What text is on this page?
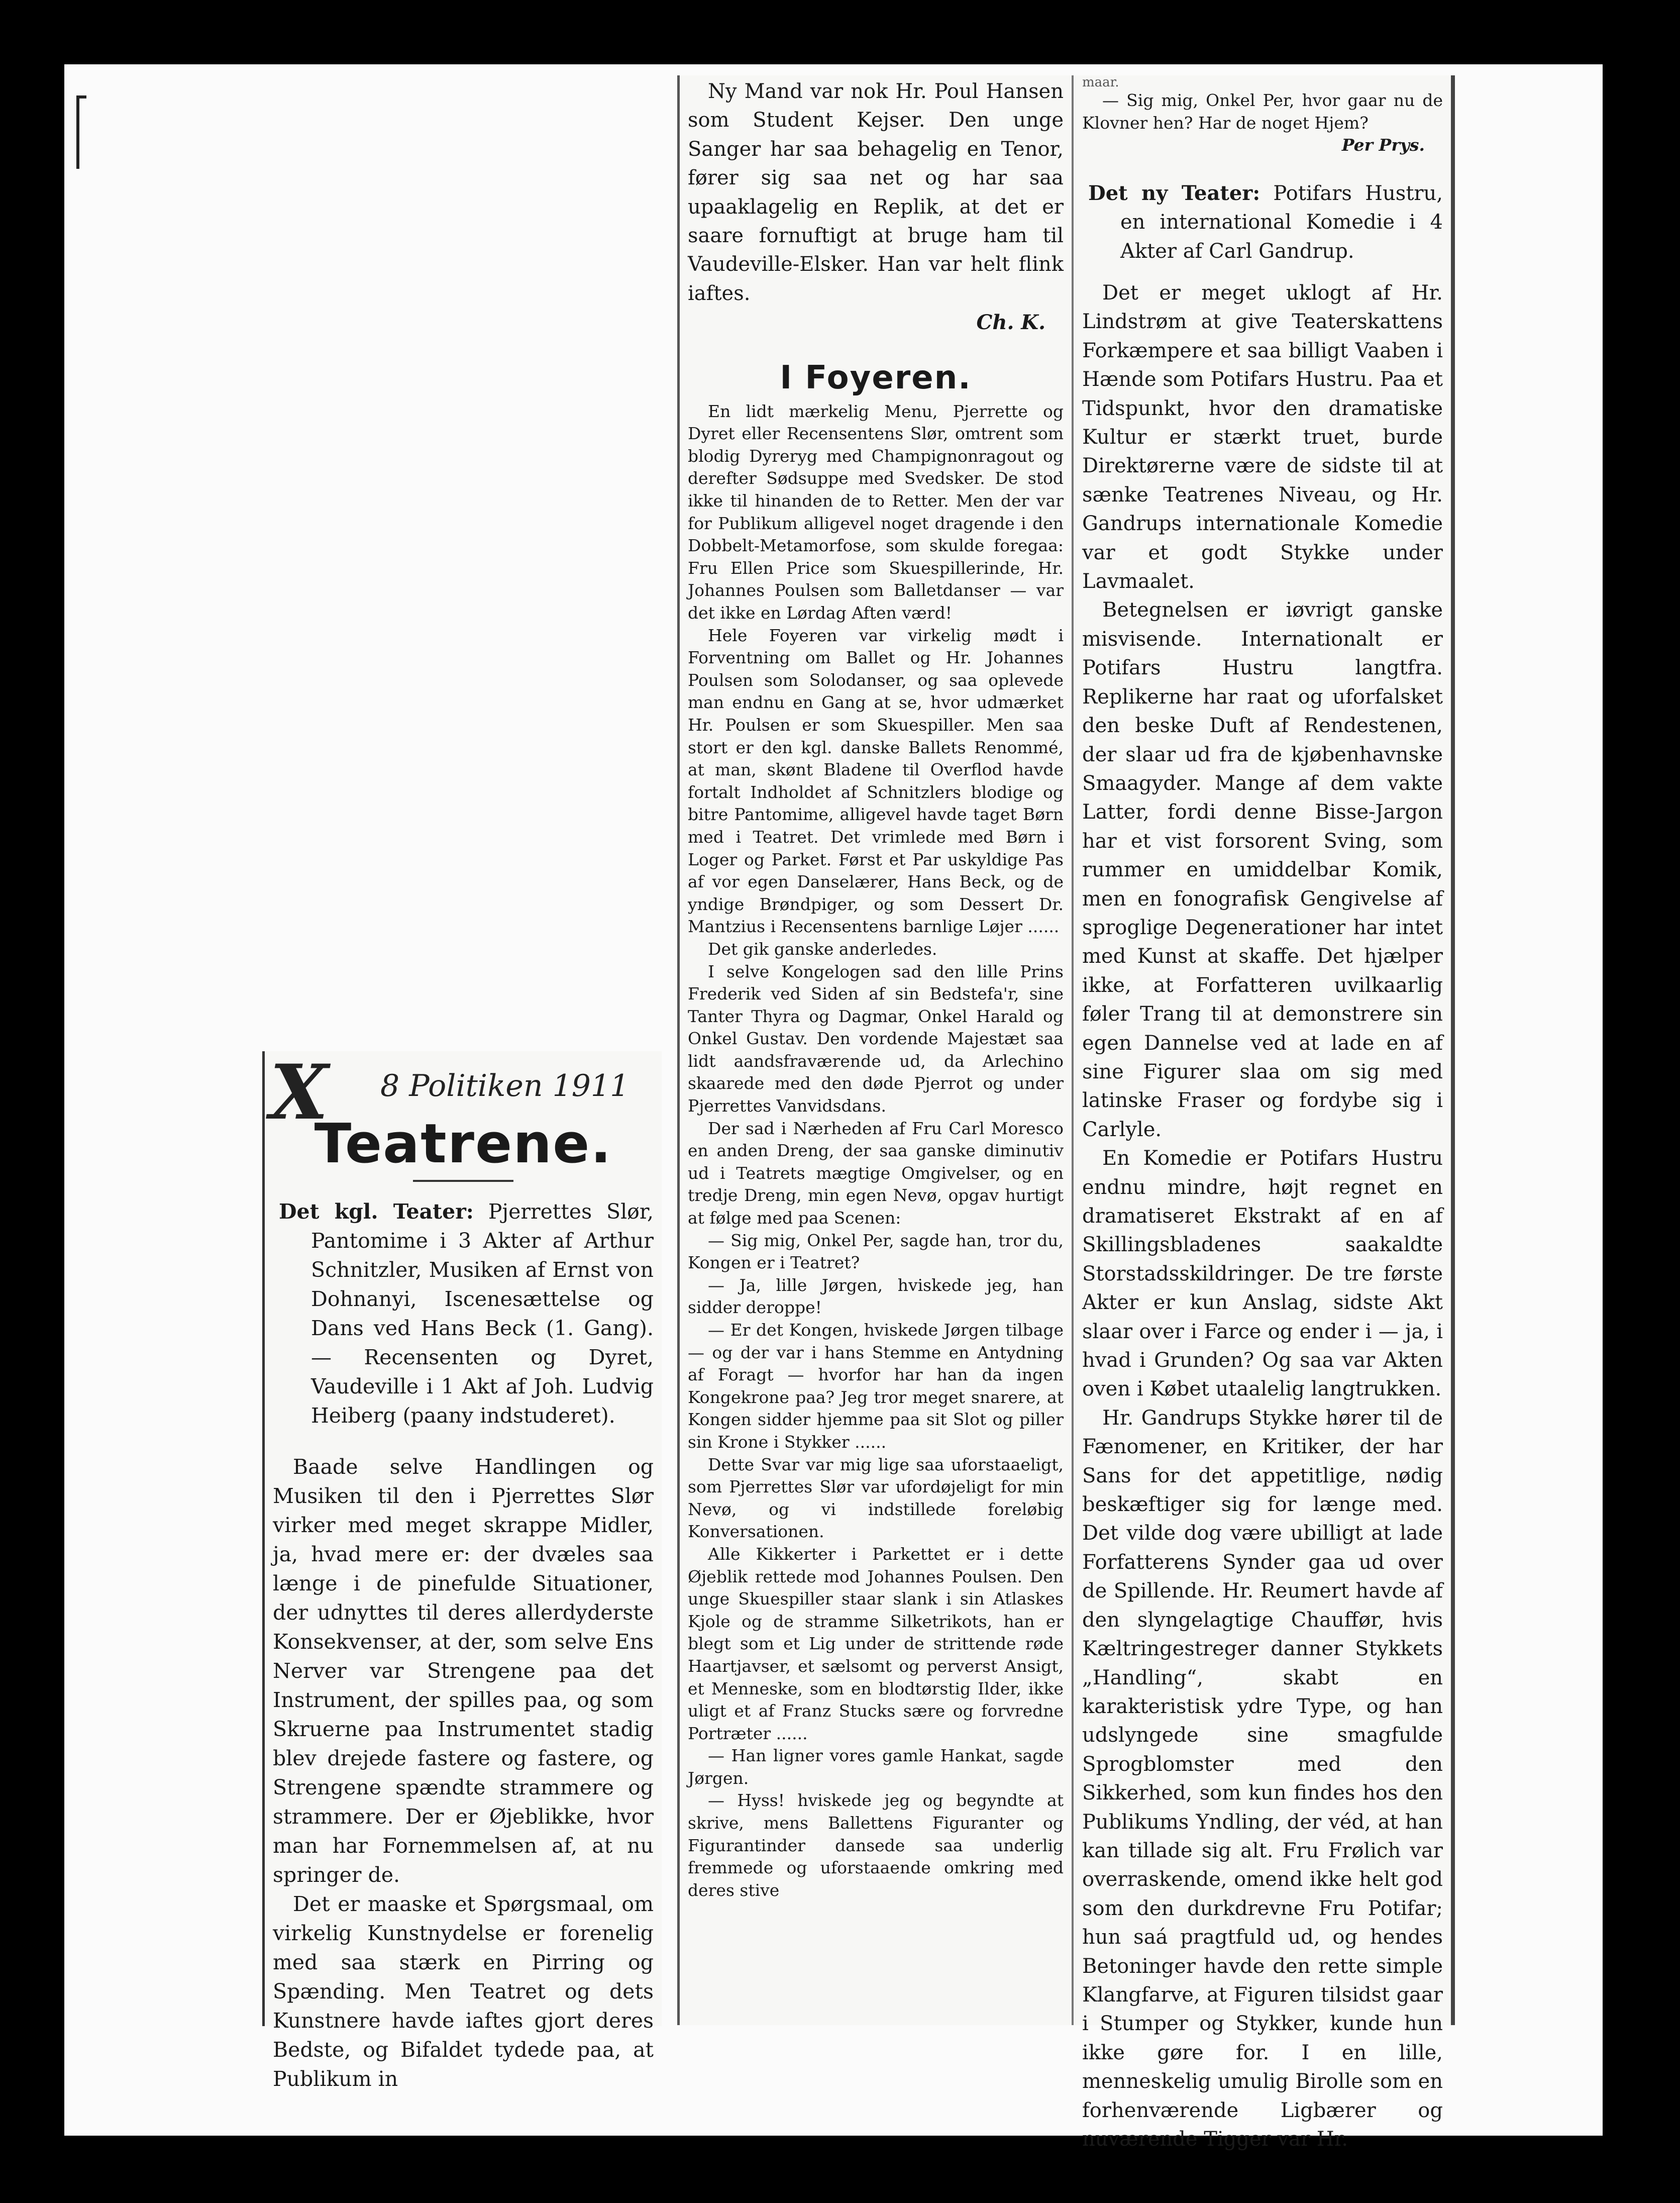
X 8 Politiken 1911

Teatrene.

Det kgl. Teater: Pjerrettes Slør, Pantomime i 3 Akter af Arthur Schnitzler, Musiken af Ernst von Dohnanyi, Iscenesættelse og Dans ved Hans Beck (1. Gang). — Recensenten og Dyret, Vaudeville i 1 Akt af Joh. Ludvig Heiberg (paany indstuderet).

Baade selve Handlingen og Musiken til den i Pjerrettes Slør virker med meget skrappe Midler, ja, hvad mere er: der dvæles saa længe i de pinefulde Situationer, der udnyttes til deres allerdyderste Konsekvenser, at der, som selve Ens Nerver var Strengene paa det Instrument, der spilles paa, og som Skruerne paa Instrumentet stadig blev drejede fastere og fastere, og Strengene spændte strammere og strammere. Der er Øjeblikke, hvor man har Fornemmelsen af, at nu springer de.

Det er maaske et Spørgsmaal, om virkelig Kunstnydelse er forenelig med saa stærk en Pirring og Spænding. Men Teatret og dets Kunstnere havde iaftes gjort deres Bedste, og Bifaldet tydede paa, at Publikum in

Ny Mand var nok Hr. Poul Hansen som Student Kejser. Den unge Sanger har saa behagelig en Tenor, fører sig saa net og har saa upaaklagelig en Replik, at det er saare fornuftigt at bruge ham til Vaudeville-Elsker. Han var helt flink iaftes.

Ch. K.

I Foyeren.

En lidt mærkelig Menu, Pjerrette og Dyret eller Recensentens Slør, omtrent som blodig Dyreryg med Champignonragout og derefter Sødsuppe med Svedsker. De stod ikke til hinanden de to Retter. Men der var for Publikum alligevel noget dragende i den Dobbelt-Metamorfose, som skulde foregaa: Fru Ellen Price som Skuespillerinde, Hr. Johannes Poulsen som Balletdanser — var det ikke en Lørdag Aften værd!

Hele Foyeren var virkelig mødt i Forventning om Ballet og Hr. Johannes Poulsen som Solodanser, og saa oplevede man endnu en Gang at se, hvor udmærket Hr. Poulsen er som Skuespiller. Men saa stort er den kgl. danske Ballets Renommé, at man, skønt Bladene til Overflod havde fortalt Indholdet af Schnitzlers blodige og bitre Pantomime, alligevel havde taget Børn med i Teatret. Det vrimlede med Børn i Loger og Parket. Først et Par uskyldige Pas af vor egen Danselærer, Hans Beck, og de yndige Brøndpiger, og som Dessert Dr. Mantzius i Recensentens barnlige Løjer ......

Det gik ganske anderledes.

I selve Kongelogen sad den lille Prins Frederik ved Siden af sin Bedstefa'r, sine Tanter Thyra og Dagmar, Onkel Harald og Onkel Gustav. Den vordende Majestæt saa lidt aandsfraværende ud, da Arlechino skaarede med den døde Pjerrot og under Pjerrettes Vanvidsdans.

Der sad i Nærheden af Fru Carl Moresco en anden Dreng, der saa ganske diminutiv ud i Teatrets mægtige Omgivelser, og en tredje Dreng, min egen Nevø, opgav hurtigt at følge med paa Scenen:

— Sig mig, Onkel Per, sagde han, tror du, Kongen er i Teatret?

— Ja, lille Jørgen, hviskede jeg, han sidder deroppe!

— Er det Kongen, hviskede Jørgen tilbage — og der var i hans Stemme en Antydning af Foragt — hvorfor har han da ingen Kongekrone paa? Jeg tror meget snarere, at Kongen sidder hjemme paa sit Slot og piller sin Krone i Stykker ......

Dette Svar var mig lige saa uforstaaeligt, som Pjerrettes Slør var ufordøjeligt for min Nevø, og vi indstillede foreløbig Konversationen.

Alle Kikkerter i Parkettet er i dette Øjeblik rettede mod Johannes Poulsen. Den unge Skuespiller staar slank i sin Atlaskes Kjole og de stramme Silketrikots, han er blegt som et Lig under de strittende røde Haartjavser, et sælsomt og perverst Ansigt, et Menneske, som en blodtørstig Ilder, ikke uligt et af Franz Stucks sære og forvredne Portræter ......

— Han ligner vores gamle Hankat, sagde Jørgen.

— Hyss! hviskede jeg og begyndte at skrive, mens Ballettens Figuranter og Figurantinder dansede saa underlig fremmede og uforstaaende omkring med deres stive

maar.

— Sig mig, Onkel Per, hvor gaar nu de Klovner hen? Har de noget Hjem?

Per Prys.

Det ny Teater: Potifars Hustru, en international Komedie i 4 Akter af Carl Gandrup.

Det er meget uklogt af Hr. Lindstrøm at give Teaterskattens Forkæmpere et saa billigt Vaaben i Hænde som Potifars Hustru. Paa et Tidspunkt, hvor den dramatiske Kultur er stærkt truet, burde Direktørerne være de sidste til at sænke Teatrenes Niveau, og Hr. Gandrups internationale Komedie var et godt Stykke under Lavmaalet.

Betegnelsen er iøvrigt ganske misvisende. Internationalt er Potifars Hustru langtfra. Replikerne har raat og uforfalsket den beske Duft af Rendestenen, der slaar ud fra de kjøbenhavnske Smaagyder. Mange af dem vakte Latter, fordi denne Bisse-Jargon har et vist forsorent Sving, som rummer en umiddelbar Komik, men en fonografisk Gengivelse af sproglige Degenerationer har intet med Kunst at skaffe. Det hjælper ikke, at Forfatteren uvilkaarlig føler Trang til at demonstrere sin egen Dannelse ved at lade en af sine Figurer slaa om sig med latinske Fraser og fordybe sig i Carlyle.

En Komedie er Potifars Hustru endnu mindre, højt regnet en dramatiseret Ekstrakt af en af Skillingsbladenes saakaldte Storstadsskildringer. De tre første Akter er kun Anslag, sidste Akt slaar over i Farce og ender i — ja, i hvad i Grunden? Og saa var Akten oven i Købet utaalelig langtrukken.

Hr. Gandrups Stykke hører til de Fænomener, en Kritiker, der har Sans for det appetitlige, nødig beskæftiger sig for længe med. Det vilde dog være ubilligt at lade Forfatterens Synder gaa ud over de Spillende. Hr. Reumert havde af den slyngelagtige Chauffør, hvis Kæltringestreger danner Stykkets „Handling“, skabt en karakteristisk ydre Type, og han udslyngede sine smagfulde Sprogblomster med den Sikkerhed, som kun findes hos den Publikums Yndling, der véd, at han kan tillade sig alt. Fru Frølich var overraskende, omend ikke helt god som den durkdrevne Fru Potifar; hun saá pragtfuld ud, og hendes Betoninger havde den rette simple Klangfarve, at Figuren tilsidst gaar i Stumper og Stykker, kunde hun ikke gøre for. I en lille, menneskelig umulig Birolle som en forhenværende Ligbærer og nuværende Tigger var Hr.
